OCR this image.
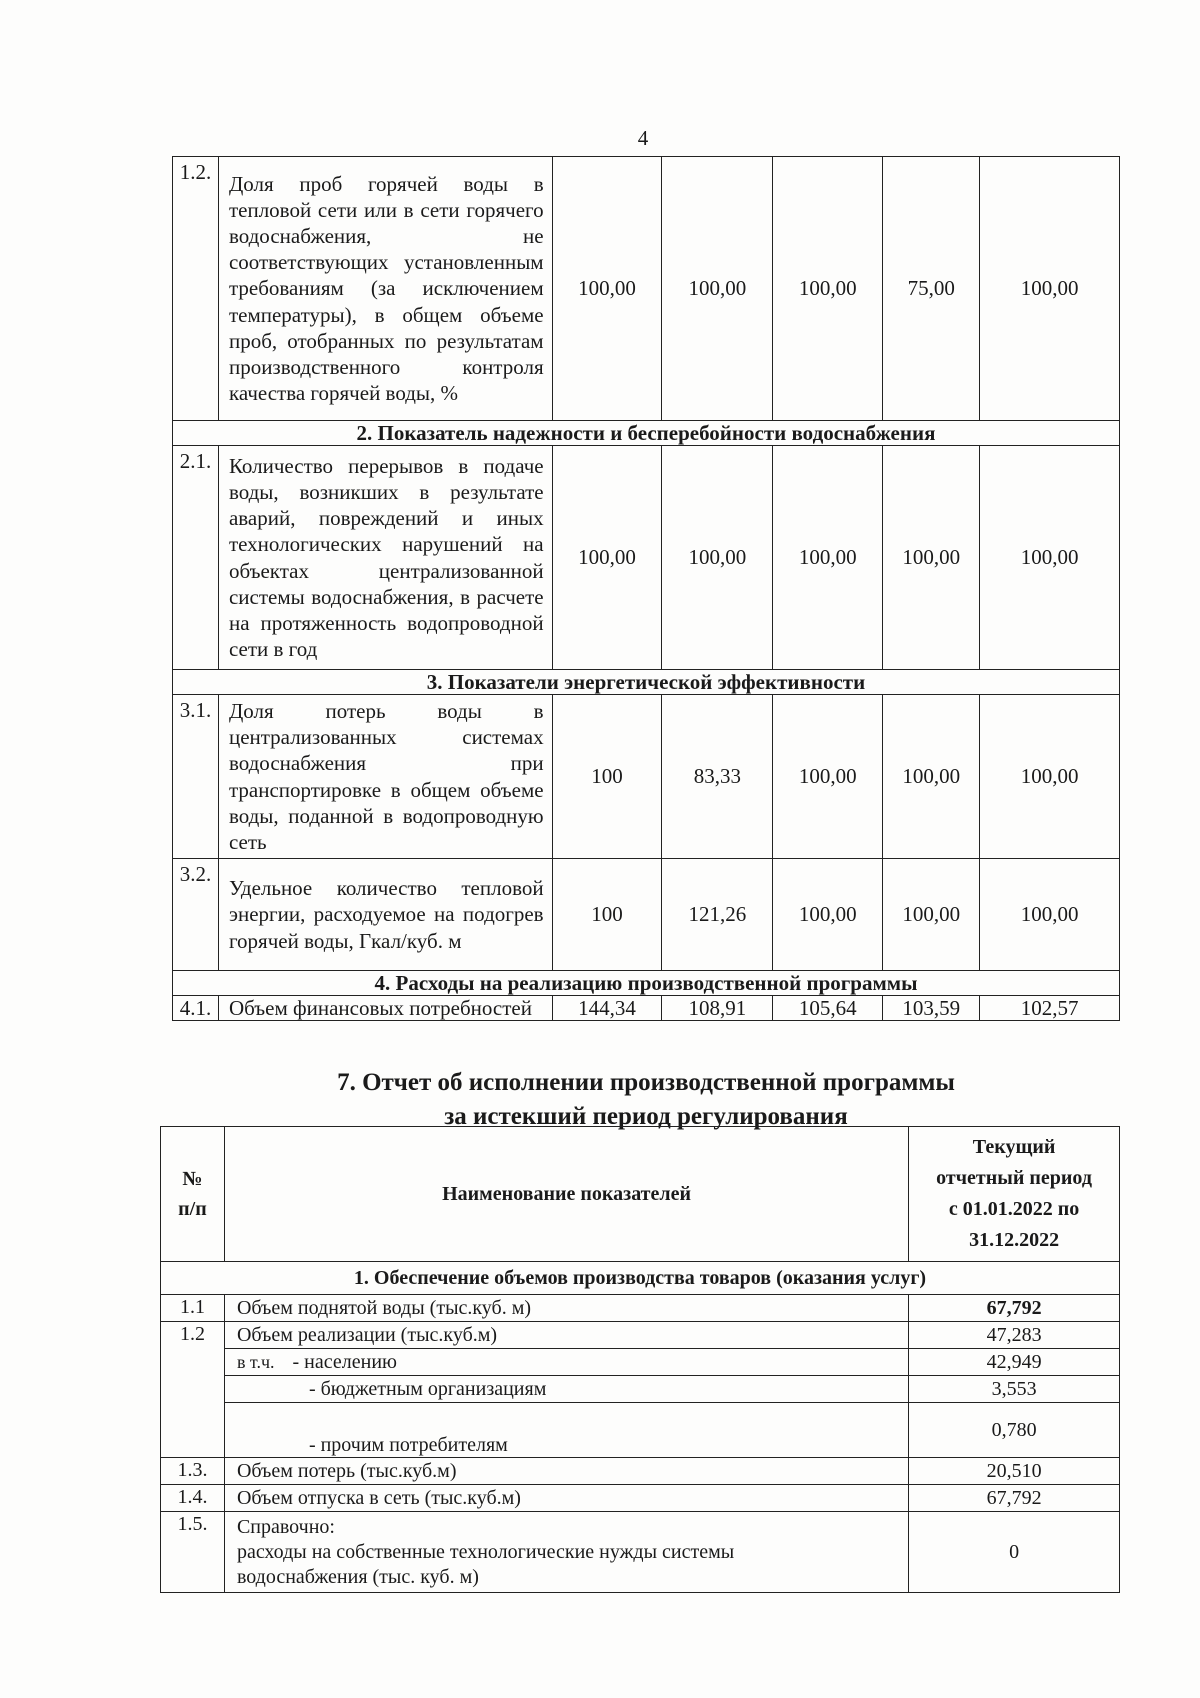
4
1.2.	Доля проб горячей воды в тепловой сети или в сети горячего водоснабжения, не соответствующих установленным требованиям (за исключением температуры), в общем объеме проб, отобранных по результатам производственного контроля качества горячей воды, %	100,00	100,00	100,00	75,00	100,00
2. Показатель надежности и бесперебойности водоснабжения						
2.1.	Количество перерывов в подаче воды, возникших в результате аварий, повреждений и иных технологических нарушений на объектах централизованной системы водоснабжения, в расчете на протяженность водопроводной сети в год	100,00	100,00	100,00	100,00	100,00
3. Показатели энергетической эффективности						
3.1.	Доля потерь воды в централизованных системах водоснабжения при транспортировке в общем объеме воды, поданной в водопроводную сеть	100	83,33	100,00	100,00	100,00
3.2.	Удельное количество тепловой энергии, расходуемое на подогрев горячей воды, Гкал/куб. м	100	121,26	100,00	100,00	100,00
4. Расходы на реализацию производственной программы						
4.1.	Объем финансовых потребностей	144,34	108,91	105,64	103,59	102,57
7. Отчет об исполнении производственной программы
за истекший период регулирования
№
п/п	Наименование показателей	Текущий
отчетный период
с 01.01.2022 по
31.12.2022
1. Обеспечение объемов производства товаров (оказания услуг)		
1.1	Объем поднятой воды (тыс.куб. м)	67,792
1.2	Объем реализации (тыс.куб.м)	47,283
	в т.ч. - населению	42,949
	- бюджетным организациям	3,553
	- прочим потребителям	0,780
1.3.	Объем потерь (тыс.куб.м)	20,510
1.4.	Объем отпуска в сеть (тыс.куб.м)	67,792
1.5.	Справочно:
расходы на собственные технологические нужды системы
водоснабжения (тыс. куб. м)	0
